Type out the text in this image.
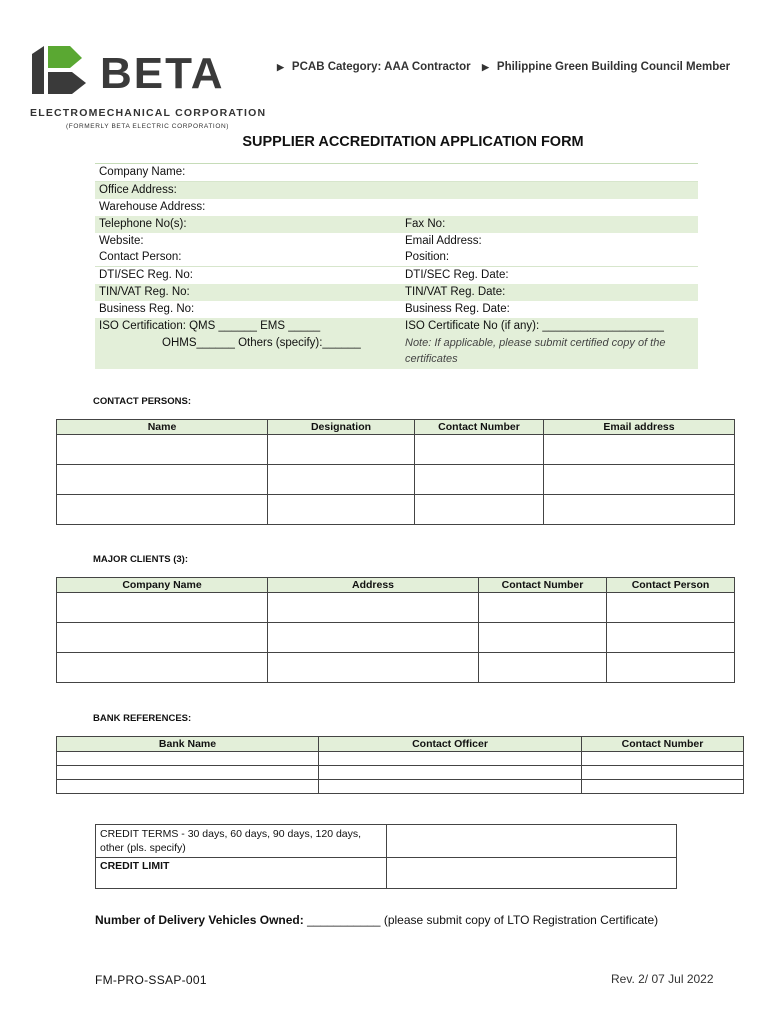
BETA
ELECTROMECHANICAL CORPORATION
(FORMERLY BETA ELECTRIC CORPORATION)
▶ PCAB Category: AAA Contractor ▶ Philippine Green Building Council Member
SUPPLIER ACCREDITATION APPLICATION FORM
Company Name:
Office Address:
Warehouse Address:
Telephone No(s):	Fax No:
Website:	Email Address:
Contact Person:	Position:
DTI/SEC Reg. No:	DTI/SEC Reg. Date:
TIN/VAT Reg. No:	TIN/VAT Reg. Date:
Business Reg. No:	Business Reg. Date:
ISO Certification: QMS ______ EMS _____
OHMS______ Others (specify):______
ISO Certificate No (if any): ___________________
Note: If applicable, please submit certified copy of the certificates
CONTACT PERSONS:
Name	Designation	Contact Number	Email address

MAJOR CLIENTS (3):
Company Name	Address	Contact Number	Contact Person

BANK REFERENCES:
Bank Name	Contact Officer	Contact Number

CREDIT TERMS - 30 days, 60 days, 90 days, 120 days, other (pls. specify)	
CREDIT LIMIT	
Number of Delivery Vehicles Owned: ___________ (please submit copy of LTO Registration Certificate)
FM-PRO-SSAP-001	Rev. 2/ 07 Jul 2022
